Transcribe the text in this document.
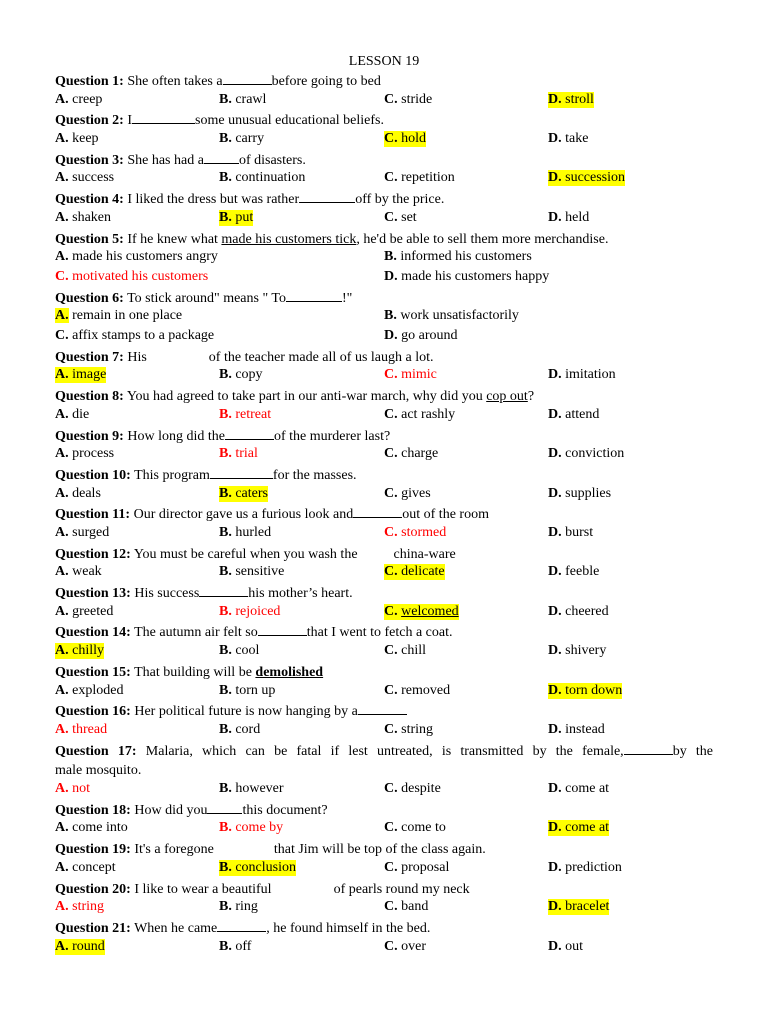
LESSON 19
Question 1: She often takes a	before going to bed
A. creep	B. crawl	C. stride	D. stroll
Question 2: I	some unusual educational beliefs.
A. keep	B. carry	C. hold	D. take
Question 3: She has had a	of disasters.
A. success	B. continuation	C. repetition	D. succession
Question 4: I liked the dress but was rather	off by the price.
A. shaken	B. put	C. set	D. held
Question 5: If he knew what made his customers tick, he'd be able to sell them more merchandise.
A. made his customers angry	B. informed his customers
C. motivated his customers	D. made his customers happy
Question 6: To stick around" means " To	!"
A. remain in one place	B. work unsatisfactorily
C. affix stamps to a package	D. go around
Question 7: His	of the teacher made all of us laugh a lot.
A. image	B. copy	C. mimic	D. imitation
Question 8: You had agreed to take part in our anti-war march, why did you cop out?
A. die	B. retreat	C. act rashly	D. attend
Question 9: How long did the	of the murderer last?
A. process	B. trial	C. charge	D. conviction
Question 10: This program	for the masses.
A. deals	B. caters	C. gives	D. supplies
Question 11: Our director gave us a furious look and	out of the room
A. surged	B. hurled	C. stormed	D. burst
Question 12: You must be careful when you wash the	china-ware
A. weak	B. sensitive	C. delicate	D. feeble
Question 13: His success	his mother’s heart.
A. greeted	B. rejoiced	C. welcomed	D. cheered
Question 14: The autumn air felt so	that I went to fetch a coat.
A. chilly	B. cool	C. chill	D. shivery
Question 15: That building will be demolished
A. exploded	B. torn up	C. removed	D. torn down
Question 16: Her political future is now hanging by a
A. thread	B. cord	C. string	D. instead
Question 17: Malaria, which can be fatal if lest untreated, is transmitted by the female,	by the
male mosquito.
A. not	B. however	C. despite	D. come at
Question 18: How did you	this document?
A. come into	B. come by	C. come to	D. come at
Question 19: It's a foregone	that Jim will be top of the class again.
A. concept	B. conclusion	C. proposal	D. prediction
Question 20: I like to wear a beautiful	of pearls round my neck
A. string	B. ring	C. band	D. bracelet
Question 21: When he came	, he found himself in the bed.
A. round	B. off	C. over	D. out
